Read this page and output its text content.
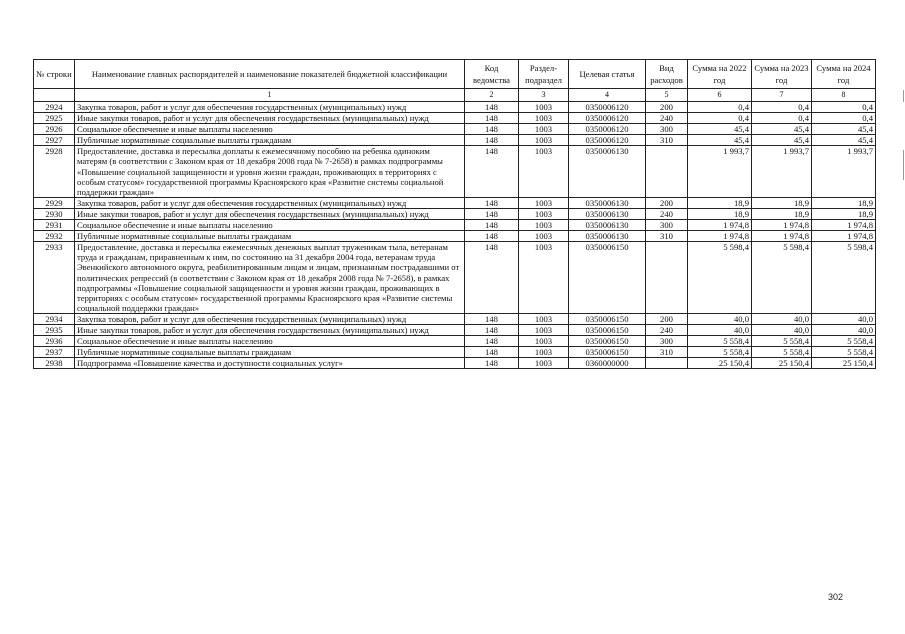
№ строки	Наименование главных распорядителей и наименование показателей бюджетной классификации	Код ведомства	Раздел-подраздел	Целевая статья	Вид расходов	Сумма на 2022 год	Сумма на 2023 год	Сумма на 2024 год
	1	2	3	4	5	6	7	8
2924	Закупка товаров, работ и услуг для обеспечения государственных (муниципальных) нужд	148	1003	0350006120	200	0,4	0,4	0,4
2925	Иные закупки товаров, работ и услуг для обеспечения государственных (муниципальных) нужд	148	1003	0350006120	240	0,4	0,4	0,4
2926	Социальное обеспечение и иные выплаты населению	148	1003	0350006120	300	45,4	45,4	45,4
2927	Публичные нормативные социальные выплаты гражданам	148	1003	0350006120	310	45,4	45,4	45,4
2928	Предоставление, доставка и пересылка доплаты к ежемесячному пособию на ребенка одиноким матерям (в соответствии с Законом края от 18 декабря 2008 года № 7-2658) в рамках подпрограммы «Повышение социальной защищенности и уровня жизни граждан, проживающих в территориях с особым статусом» государственной программы Красноярского края «Развитие системы социальной поддержки граждан»	148	1003	0350006130		1 993,7	1 993,7	1 993,7
2929	Закупка товаров, работ и услуг для обеспечения государственных (муниципальных) нужд	148	1003	0350006130	200	18,9	18,9	18,9
2930	Иные закупки товаров, работ и услуг для обеспечения государственных (муниципальных) нужд	148	1003	0350006130	240	18,9	18,9	18,9
2931	Социальное обеспечение и иные выплаты населению	148	1003	0350006130	300	1 974,8	1 974,8	1 974,8
2932	Публичные нормативные социальные выплаты гражданам	148	1003	0350006130	310	1 974,8	1 974,8	1 974,8
2933	Предоставление, доставка и пересылка ежемесячных денежных выплат труженикам тыла, ветеранам труда и гражданам, приравненным к ним, по состоянию на 31 декабря 2004 года, ветеранам труда Эвенкийского автономного округа, реабилитированным лицам и лицам, признанным пострадавшими от политических репрессий (в соответствии с Законом края от 18 декабря 2008 года № 7-2658), в рамках подпрограммы «Повышение социальной защищенности и уровня жизни граждан, проживающих в территориях с особым статусом» государственной программы Красноярского края «Развитие системы социальной поддержки граждан»	148	1003	0350006150		5 598,4	5 598,4	5 598,4
2934	Закупка товаров, работ и услуг для обеспечения государственных (муниципальных) нужд	148	1003	0350006150	200	40,0	40,0	40,0
2935	Иные закупки товаров, работ и услуг для обеспечения государственных (муниципальных) нужд	148	1003	0350006150	240	40,0	40,0	40,0
2936	Социальное обеспечение и иные выплаты населению	148	1003	0350006150	300	5 558,4	5 558,4	5 558,4
2937	Публичные нормативные социальные выплаты гражданам	148	1003	0350006150	310	5 558,4	5 558,4	5 558,4
2938	Подпрограмма «Повышение качества и доступности социальных услуг»	148	1003	0360000000		25 150,4	25 150,4	25 150,4
302
